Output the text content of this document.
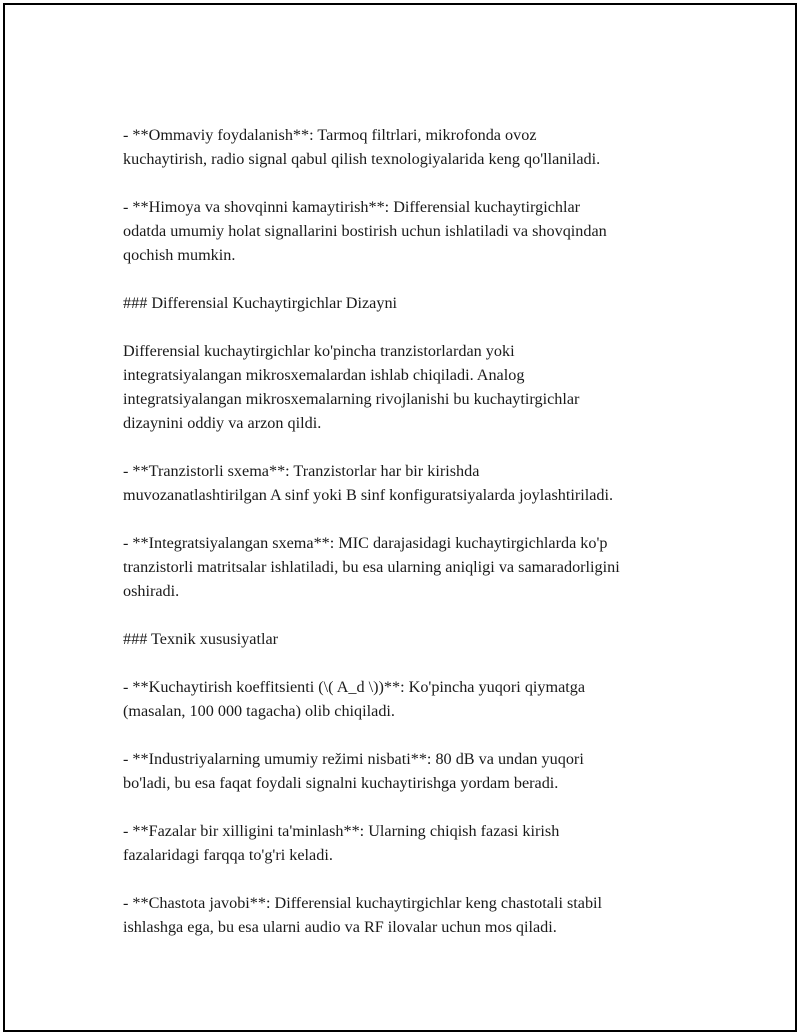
- **Ommaviy foydalanish**: Tarmoq filtrlari, mikrofonda ovoz
kuchaytirish, radio signal qabul qilish texnologiyalarida keng qo'llaniladi.

- **Himoya va shovqinni kamaytirish**: Differensial kuchaytirgichlar
odatda umumiy holat signallarini bostirish uchun ishlatiladi va shovqindan
qochish mumkin.

### Differensial Kuchaytirgichlar Dizayni

Differensial kuchaytirgichlar ko'pincha tranzistorlardan yoki
integratsiyalangan mikrosxemalardan ishlab chiqiladi. Analog
integratsiyalangan mikrosxemalarning rivojlanishi bu kuchaytirgichlar
dizaynini oddiy va arzon qildi.

- **Tranzistorli sxema**: Tranzistorlar har bir kirishda
muvozanatlashtirilgan A sinf yoki B sinf konfiguratsiyalarda joylashtiriladi.

- **Integratsiyalangan sxema**: MIC darajasidagi kuchaytirgichlarda ko'p
tranzistorli matritsalar ishlatiladi, bu esa ularning aniqligi va samaradorligini
oshiradi.

### Texnik xususiyatlar

- **Kuchaytirish koeffitsienti (\( A_d \))**: Ko'pincha yuqori qiymatga
(masalan, 100 000 tagacha) olib chiqiladi.

- **Industriyalarning umumiy režimi nisbati**: 80 dB va undan yuqori
bo'ladi, bu esa faqat foydali signalni kuchaytirishga yordam beradi.

- **Fazalar bir xilligini ta'minlash**: Ularning chiqish fazasi kirish
fazalaridagi farqqa to'g'ri keladi.

- **Chastota javobi**: Differensial kuchaytirgichlar keng chastotali stabil
ishlashga ega, bu esa ularni audio va RF ilovalar uchun mos qiladi.
